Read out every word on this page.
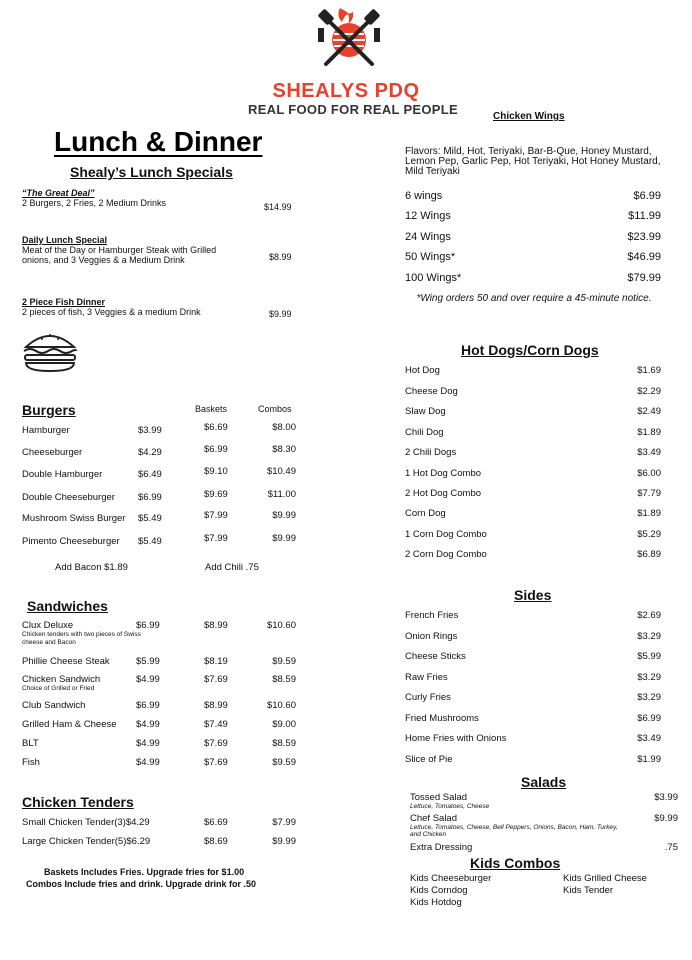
SHEALYS PDQ
REAL FOOD FOR REAL PEOPLE
Lunch & Dinner
Shealy’s Lunch Specials
“The Great Deal”
2 Burgers, 2 Fries, 2 Medium Drinks	$14.99
Daily Lunch Special
Meat of the Day or Hamburger Steak with Grilled onions, and 3 Veggies & a Medium Drink	$8.99
2 Piece Fish Dinner
2 pieces of fish, 3 Veggies & a medium Drink	$9.99
Burgers	Baskets	Combos
Hamburger	$3.99	$6.69	$8.00
Cheeseburger	$4.29	$6.99	$8.30
Double Hamburger	$6.49	$9.10	$10.49
Double Cheeseburger $6.99	$9.69	$11.00
Mushroom Swiss Burger $5.49	$7.99	$9.99
Pimento Cheeseburger $5.49	$7.99	$9.99
Add Bacon $1.89	Add Chili .75
Sandwiches
Clux Deluxe
Chicken tenders with two pieces of Swiss cheese and Bacon
$6.99	$8.99	$10.60
Phillie Cheese Steak	$5.99	$8.19	$9.59
Chicken Sandwich
Choice of Grilled or Fried
$4.99	$7.69	$8.59
Club Sandwich	$6.99	$8.99	$10.60
Grilled Ham & Cheese $4.99	$7.49	$9.00
BLT	$4.99	$7.69	$8.59
Fish	$4.99	$7.69	$9.59
Chicken Tenders
Small Chicken Tender(3)$4.29	$6.69	$7.99
Large Chicken Tender(5)$6.29	$8.69	$9.99
Baskets Includes Fries. Upgrade fries for $1.00
Combos Include fries and drink. Upgrade drink for .50
Chicken Wings
Flavors: Mild, Hot, Teriyaki, Bar-B-Que, Honey Mustard, Lemon Pep, Garlic Pep, Hot Teriyaki, Hot Honey Mustard, Mild Teriyaki
6 wings	$6.99
12 Wings	$11.99
24 Wings	$23.99
50 Wings*	$46.99
100 Wings*	$79.99
*Wing orders 50 and over require a 45-minute notice.
Hot Dogs/Corn Dogs
Hot Dog	$1.69
Cheese Dog	$2.29
Slaw Dog	$2.49
Chili Dog	$1.89
2 Chili Dogs	$3.49
1 Hot Dog Combo	$6.00
2 Hot Dog Combo	$7.79
Corn Dog	$1.89
1 Corn Dog Combo	$5.29
2 Corn Dog Combo	$6.89
Sides
French Fries	$2.69
Onion Rings	$3.29
Cheese Sticks	$5.99
Raw Fries	$3.29
Curly Fries	$3.29
Fried Mushrooms	$6.99
Home Fries with Onions	$3.49
Slice of Pie	$1.99
Salads
Tossed Salad
Lettuce, Tomatoes, Cheese
$3.99
Chef Salad
Lettuce, Tomatoes, Cheese, Bell Peppers, Onions, Bacon, Ham, Turkey, and Chicken
$9.99
Extra Dressing	.75
Kids Combos
Kids Cheeseburger
Kids Corndog
Kids Hotdog
Kids Grilled Cheese
Kids Tender
